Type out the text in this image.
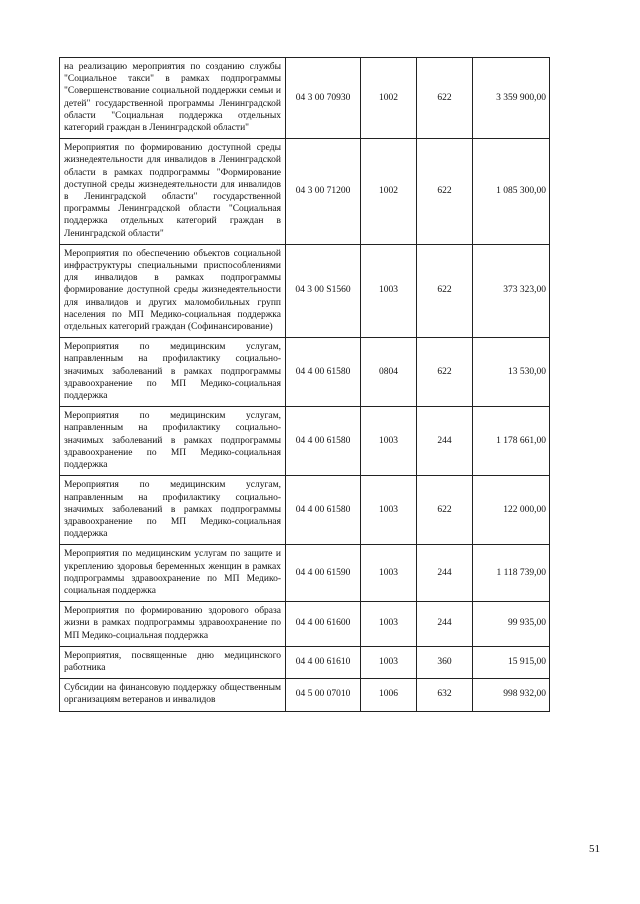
на реализацию мероприятия по созданию службы "Социальное такси" в рамках подпрограммы "Совершенствование социальной поддержки семьи и детей" государственной программы Ленинградской области "Социальная поддержка отдельных категорий граждан в Ленинградской области"	04 3 00 70930	1002	622	3 359 900,00
Мероприятия по формированию доступной среды жизнедеятельности для инвалидов в Ленинградской области в рамках подпрограммы "Формирование доступной среды жизнедеятельности для инвалидов в Ленинградской области" государственной программы Ленинградской области "Социальная поддержка отдельных категорий граждан в Ленинградской области"	04 3 00 71200	1002	622	1 085 300,00
Мероприятия по обеспечению объектов социальной инфраструктуры специальными приспособлениями для инвалидов в рамках подпрограммы формирование доступной среды жизнедеятельности для инвалидов и других маломобильных групп населения по МП Медико-социальная поддержка отдельных категорий граждан (Софинансирование)	04 3 00 S1560	1003	622	373 323,00
Мероприятия по медицинским услугам, направленным на профилактику социально-значимых заболеваний в рамках подпрограммы здравоохранение по МП Медико-социальная поддержка	04 4 00 61580	0804	622	13 530,00
Мероприятия по медицинским услугам, направленным на профилактику социально-значимых заболеваний в рамках подпрограммы здравоохранение по МП Медико-социальная поддержка	04 4 00 61580	1003	244	1 178 661,00
Мероприятия по медицинским услугам, направленным на профилактику социально-значимых заболеваний в рамках подпрограммы здравоохранение по МП Медико-социальная поддержка	04 4 00 61580	1003	622	122 000,00
Мероприятия по медицинским услугам по защите и укреплению здоровья беременных женщин в рамках подпрограммы здравоохранение по МП Медико-социальная поддержка	04 4 00 61590	1003	244	1 118 739,00
Мероприятия по формированию здорового образа жизни в рамках подпрограммы здравоохранение по МП Медико-социальная поддержка	04 4 00 61600	1003	244	99 935,00
Мероприятия, посвященные дню медицинского работника	04 4 00 61610	1003	360	15 915,00
Субсидии на финансовую поддержку общественным организациям ветеранов и инвалидов	04 5 00 07010	1006	632	998 932,00
51
